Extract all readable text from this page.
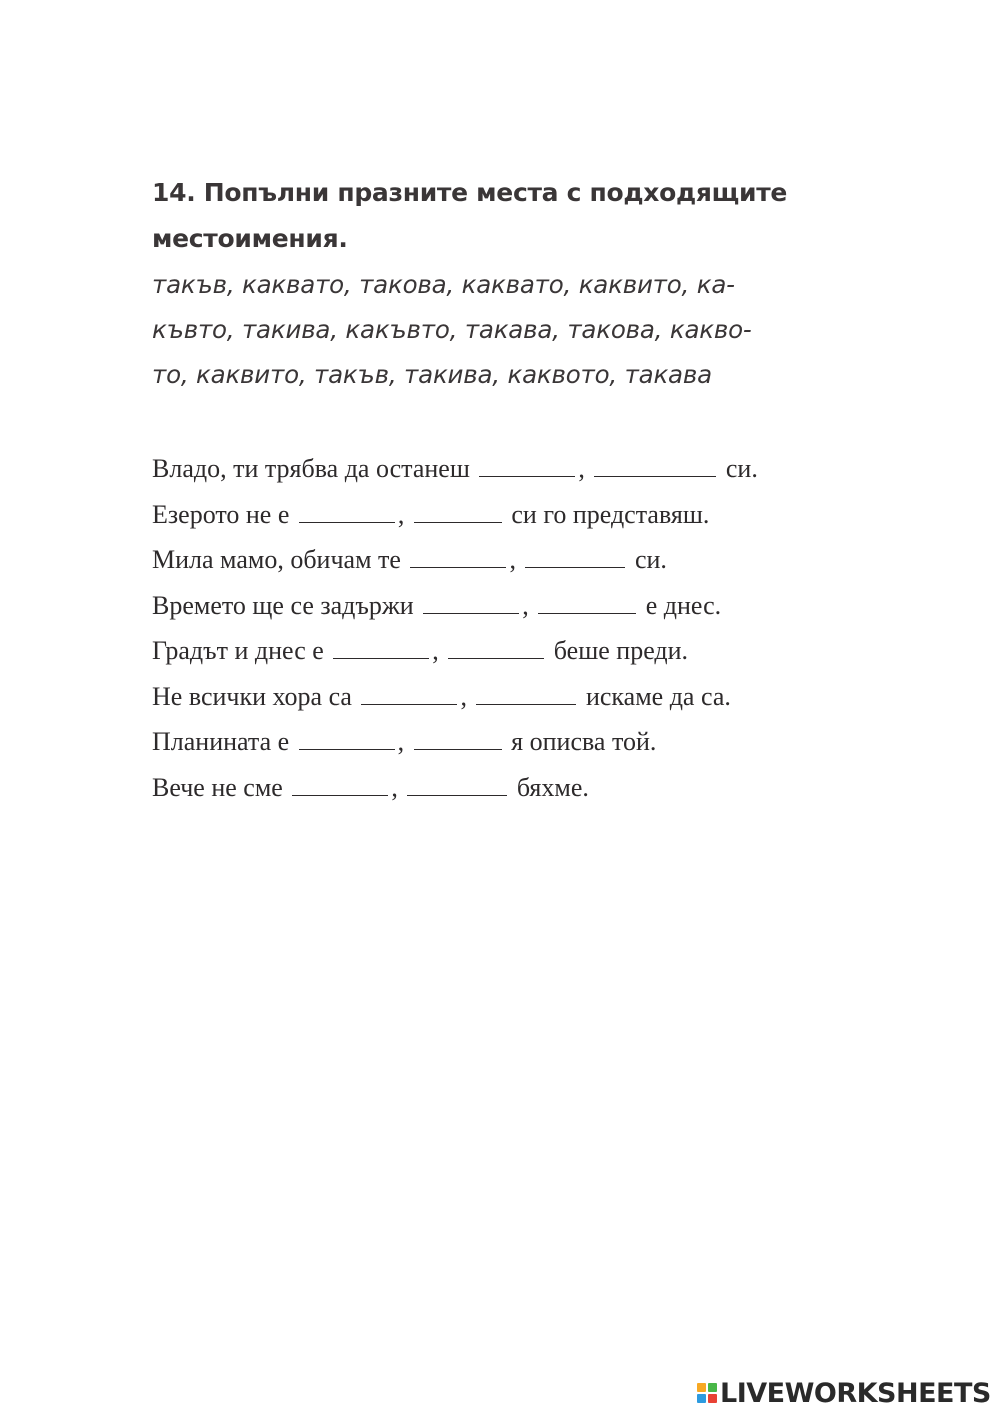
14. Попълни празните места с подходящите
местоимения.
такъв, каквато, такова, каквато, каквито, ка-
къвто, такива, какъвто, такава, такова, какво-
то, каквито, такъв, такива, каквото, такава
Владо, ти трябва да останеш	,	си.
Езерото не е	,	си го представяш.
Мила мамо, обичам те	,	си.
Времето ще се задържи	,	е днес.
Градът и днес е	,	беше преди.
Не всички хора са	,	искаме да са.
Планината е	,	я описва той.
Вече не сме	,	бяхме.
LIVEWORKSHEETS
